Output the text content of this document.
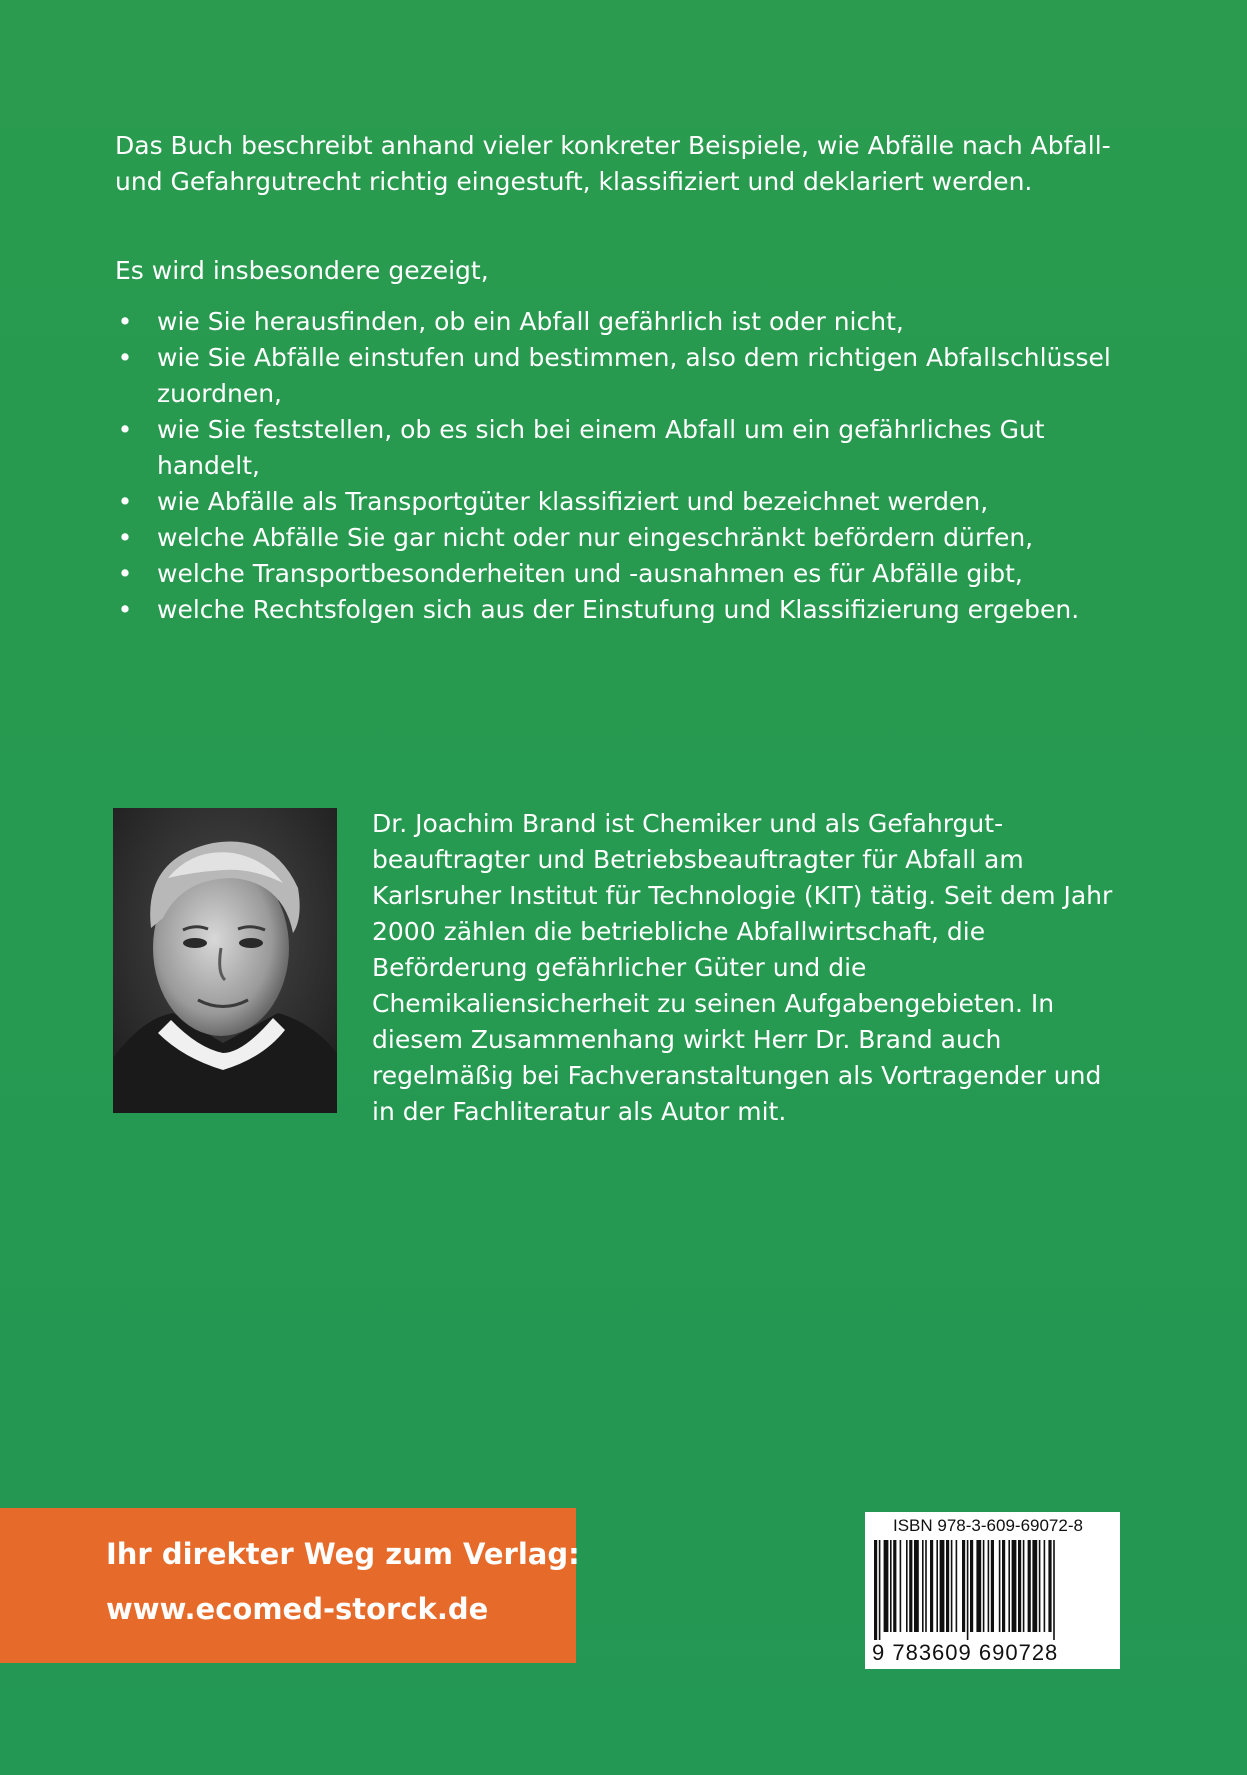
Das Buch beschreibt anhand vieler konkreter Beispiele, wie Abfälle nach Abfall- und Gefahrgutrecht richtig eingestuft, klassifiziert und deklariert werden.

Es wird insbesondere gezeigt,

• wie Sie herausfinden, ob ein Abfall gefährlich ist oder nicht,
• wie Sie Abfälle einstufen und bestimmen, also dem richtigen Abfallschlüssel zuordnen,
• wie Sie feststellen, ob es sich bei einem Abfall um ein gefährliches Gut handelt,
• wie Abfälle als Transportgüter klassifiziert und bezeichnet werden,
• welche Abfälle Sie gar nicht oder nur eingeschränkt befördern dürfen,
• welche Transportbesonderheiten und -ausnahmen es für Abfälle gibt,
• welche Rechtsfolgen sich aus der Einstufung und Klassifizierung ergeben.

Dr. Joachim Brand ist Chemiker und als Gefahrgutbeauftragter und Betriebsbeauftragter für Abfall am Karlsruher Institut für Technologie (KIT) tätig. Seit dem Jahr 2000 zählen die betriebliche Abfallwirtschaft, die Beförderung gefährlicher Güter und die Chemikaliensicherheit zu seinen Aufgabengebieten. In diesem Zusammenhang wirkt Herr Dr. Brand auch regelmäßig bei Fachveranstaltungen als Vortragender und in der Fachliteratur als Autor mit.

Ihr direkter Weg zum Verlag:
www.ecomed-storck.de
ISBN 978-3-609-69072-8
9 783609 690728
